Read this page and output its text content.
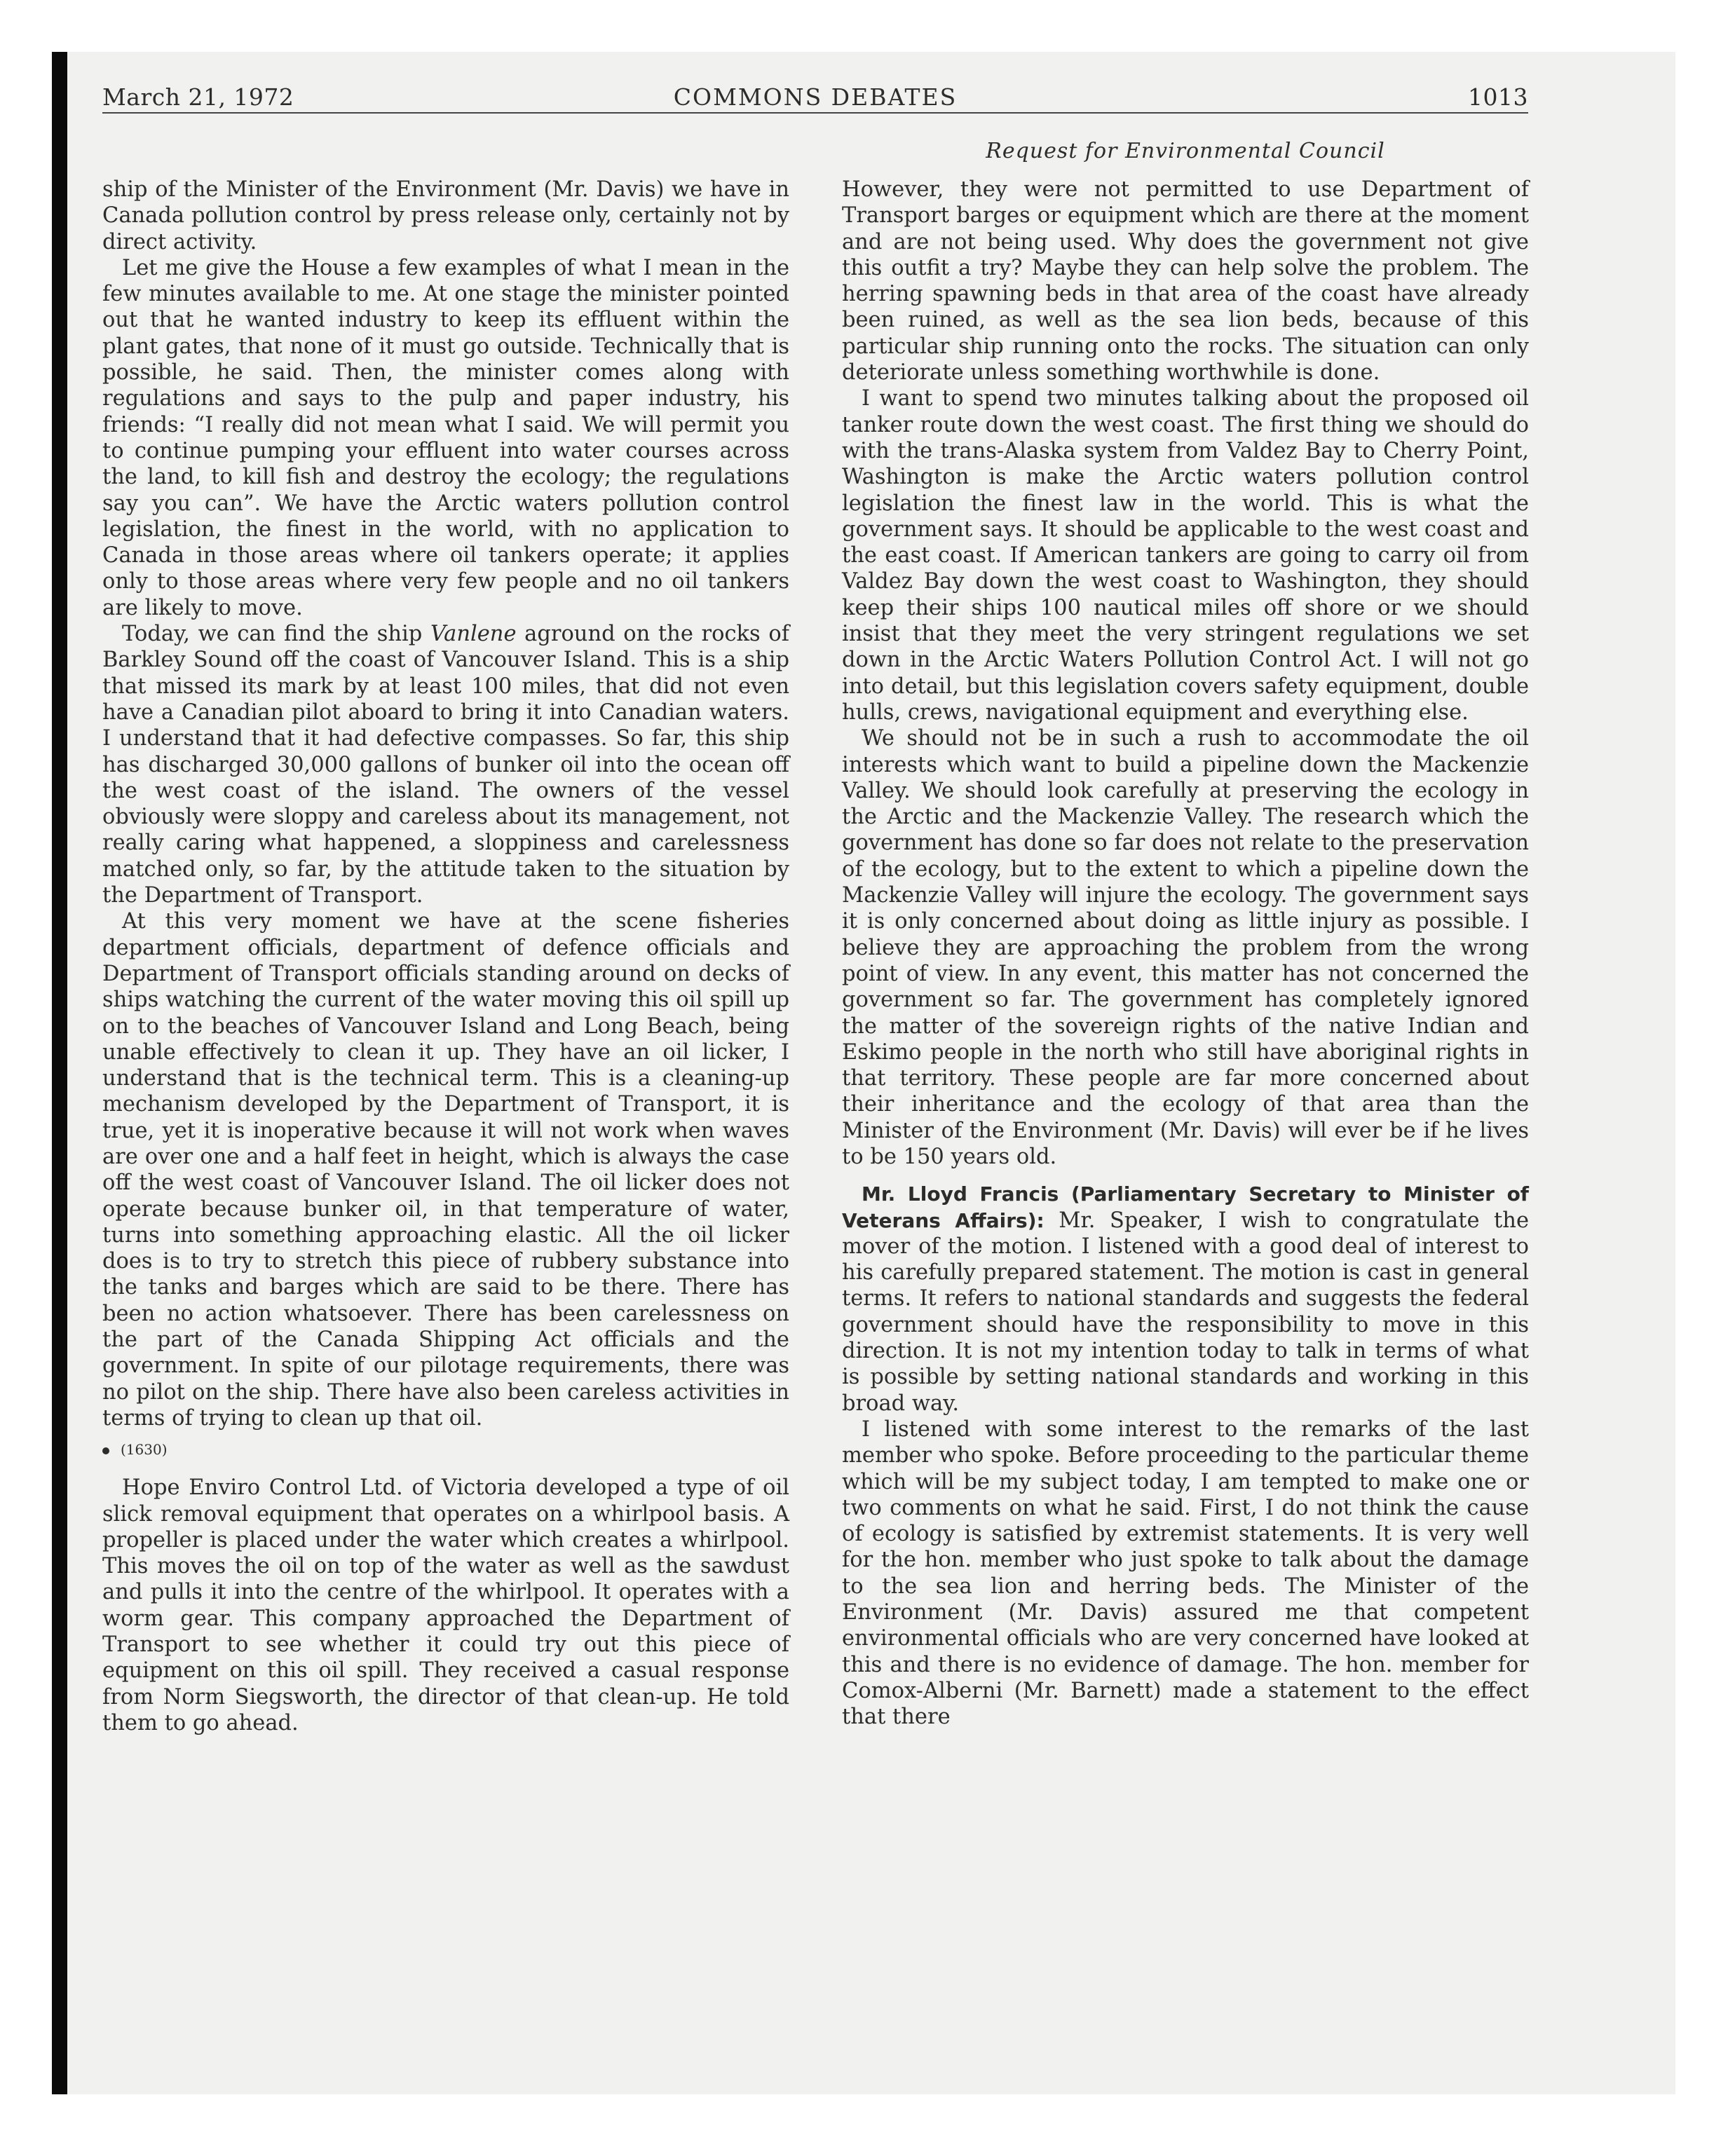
March 21, 1972	COMMONS DEBATES	1013
Request for Environmental Council

ship of the Minister of the Environment (Mr. Davis) we have in Canada pollution control by press release only, certainly not by direct activity.

Let me give the House a few examples of what I mean in the few minutes available to me. At one stage the minister pointed out that he wanted industry to keep its effluent within the plant gates, that none of it must go outside. Technically that is possible, he said. Then, the minister comes along with regulations and says to the pulp and paper industry, his friends: “I really did not mean what I said. We will permit you to continue pumping your effluent into water courses across the land, to kill fish and destroy the ecology; the regulations say you can”. We have the Arctic waters pollution control legislation, the finest in the world, with no application to Canada in those areas where oil tankers operate; it applies only to those areas where very few people and no oil tankers are likely to move.

Today, we can find the ship Vanlene aground on the rocks of Barkley Sound off the coast of Vancouver Island. This is a ship that missed its mark by at least 100 miles, that did not even have a Canadian pilot aboard to bring it into Canadian waters. I understand that it had defective compasses. So far, this ship has discharged 30,000 gallons of bunker oil into the ocean off the west coast of the island. The owners of the vessel obviously were sloppy and careless about its management, not really caring what happened, a sloppiness and carelessness matched only, so far, by the attitude taken to the situation by the Department of Transport.

At this very moment we have at the scene fisheries department officials, department of defence officials and Department of Transport officials standing around on decks of ships watching the current of the water moving this oil spill up on to the beaches of Vancouver Island and Long Beach, being unable effectively to clean it up. They have an oil licker, I understand that is the technical term. This is a cleaning-up mechanism developed by the Department of Transport, it is true, yet it is inoperative because it will not work when waves are over one and a half feet in height, which is always the case off the west coast of Vancouver Island. The oil licker does not operate because bunker oil, in that temperature of water, turns into something approaching elastic. All the oil licker does is to try to stretch this piece of rubbery substance into the tanks and barges which are said to be there. There has been no action whatsoever. There has been carelessness on the part of the Canada Shipping Act officials and the government. In spite of our pilotage requirements, there was no pilot on the ship. There have also been careless activities in terms of trying to clean up that oil.

(1630)

Hope Enviro Control Ltd. of Victoria developed a type of oil slick removal equipment that operates on a whirlpool basis. A propeller is placed under the water which creates a whirlpool. This moves the oil on top of the water as well as the sawdust and pulls it into the centre of the whirlpool. It operates with a worm gear. This company approached the Department of Transport to see whether it could try out this piece of equipment on this oil spill. They received a casual response from Norm Siegsworth, the director of that clean-up. He told them to go ahead.

However, they were not permitted to use Department of Transport barges or equipment which are there at the moment and are not being used. Why does the government not give this outfit a try? Maybe they can help solve the problem. The herring spawning beds in that area of the coast have already been ruined, as well as the sea lion beds, because of this particular ship running onto the rocks. The situation can only deteriorate unless something worthwhile is done.

I want to spend two minutes talking about the proposed oil tanker route down the west coast. The first thing we should do with the trans-Alaska system from Valdez Bay to Cherry Point, Washington is make the Arctic waters pollution control legislation the finest law in the world. This is what the government says. It should be applicable to the west coast and the east coast. If American tankers are going to carry oil from Valdez Bay down the west coast to Washington, they should keep their ships 100 nautical miles off shore or we should insist that they meet the very stringent regulations we set down in the Arctic Waters Pollution Control Act. I will not go into detail, but this legislation covers safety equipment, double hulls, crews, navigational equipment and everything else.

We should not be in such a rush to accommodate the oil interests which want to build a pipeline down the Mackenzie Valley. We should look carefully at preserving the ecology in the Arctic and the Mackenzie Valley. The research which the government has done so far does not relate to the preservation of the ecology, but to the extent to which a pipeline down the Mackenzie Valley will injure the ecology. The government says it is only concerned about doing as little injury as possible. I believe they are approaching the problem from the wrong point of view. In any event, this matter has not concerned the government so far. The government has completely ignored the matter of the sovereign rights of the native Indian and Eskimo people in the north who still have aboriginal rights in that territory. These people are far more concerned about their inheritance and the ecology of that area than the Minister of the Environment (Mr. Davis) will ever be if he lives to be 150 years old.

Mr. Lloyd Francis (Parliamentary Secretary to Minister of Veterans Affairs): Mr. Speaker, I wish to congratulate the mover of the motion. I listened with a good deal of interest to his carefully prepared statement. The motion is cast in general terms. It refers to national standards and suggests the federal government should have the responsibility to move in this direction. It is not my intention today to talk in terms of what is possible by setting national standards and working in this broad way.

I listened with some interest to the remarks of the last member who spoke. Before proceeding to the particular theme which will be my subject today, I am tempted to make one or two comments on what he said. First, I do not think the cause of ecology is satisfied by extremist statements. It is very well for the hon. member who just spoke to talk about the damage to the sea lion and herring beds. The Minister of the Environment (Mr. Davis) assured me that competent environmental officials who are very concerned have looked at this and there is no evidence of damage. The hon. member for Comox-Alberni (Mr. Barnett) made a statement to the effect that there
